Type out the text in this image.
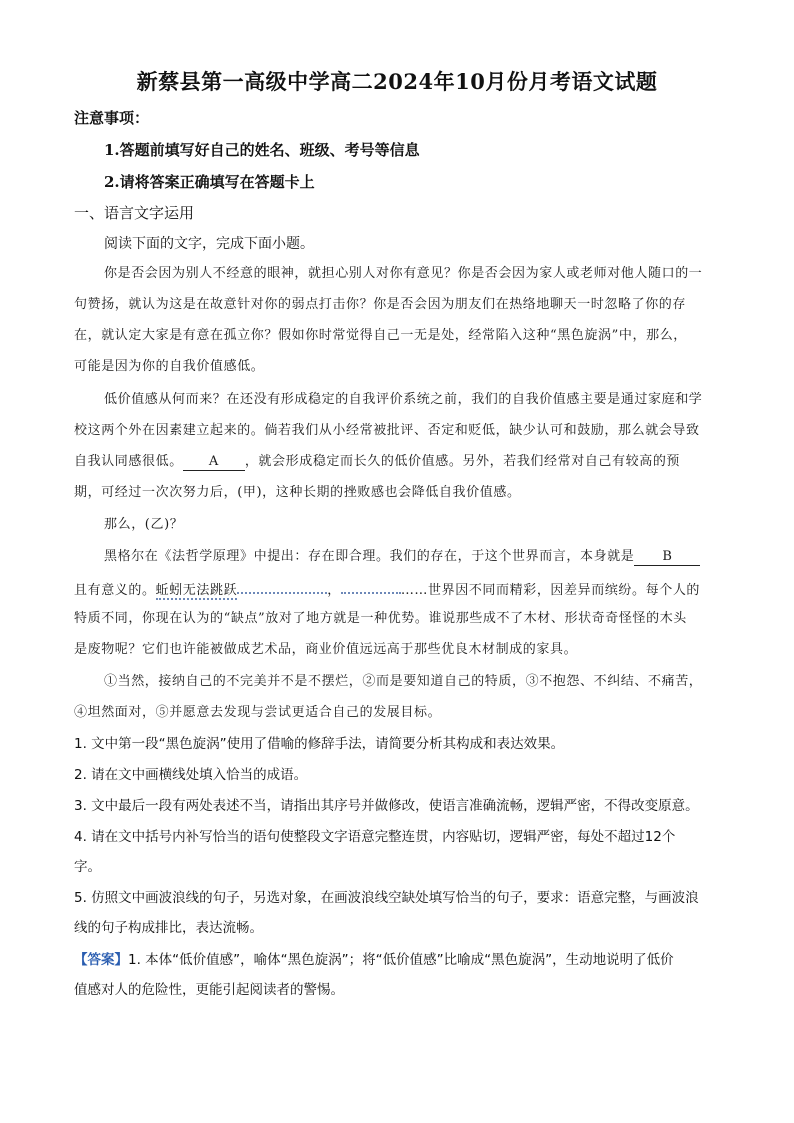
新蔡县第一高级中学高二2024年10月份月考语文试题
注意事项：
1.答题前填写好自己的姓名、班级、考号等信息
2.请将答案正确填写在答题卡上
一、语言文字运用
阅读下面的文字，完成下面小题。
你是否会因为别人不经意的眼神，就担心别人对你有意见？你是否会因为家人或老师对他人随口的一
句赞扬，就认为这是在故意针对你的弱点打击你？你是否会因为朋友们在热络地聊天一时忽略了你的存
在，就认定大家是有意在孤立你？假如你时常觉得自己一无是处，经常陷入这种“黑色旋涡”中，那么，
可能是因为你的自我价值感低。
低价值感从何而来？在还没有形成稳定的自我评价系统之前，我们的自我价值感主要是通过家庭和学
校这两个外在因素建立起来的。倘若我们从小经常被批评、否定和贬低，缺少认可和鼓励，那么就会导致
自我认同感很低。 A ，就会形成稳定而长久的低价值感。另外，若我们经常对自己有较高的预
期，可经过一次次努力后，(甲)，这种长期的挫败感也会降低自我价值感。
那么，(乙)？
黑格尔在《法哲学原理》中提出：存在即合理。我们的存在，于这个世界而言，本身就是 B
且有意义的。蚯蚓无法跳跃	，	……世界因不同而精彩，因差异而缤纷。每个人的
特质不同，你现在认为的“缺点”放对了地方就是一种优势。谁说那些成不了木材、形状奇奇怪怪的木头
是废物呢？它们也许能被做成艺术品，商业价值远远高于那些优良木材制成的家具。
①当然，接纳自己的不完美并不是不摆烂，②而是要知道自己的特质，③不抱怨、不纠结、不痛苦，
④坦然面对，⑤并愿意去发现与尝试更适合自己的发展目标。
1. 文中第一段“黑色旋涡”使用了借喻的修辞手法，请简要分析其构成和表达效果。
2. 请在文中画横线处填入恰当的成语。
3. 文中最后一段有两处表述不当，请指出其序号并做修改，使语言准确流畅，逻辑严密，不得改变原意。
4. 请在文中括号内补写恰当的语句使整段文字语意完整连贯，内容贴切，逻辑严密，每处不超过12个
字。
5. 仿照文中画波浪线的句子，另选对象，在画波浪线空缺处填写恰当的句子，要求：语意完整，与画波浪
线的句子构成排比，表达流畅。
【答案】1. 本体“低价值感”，喻体“黑色旋涡”；将“低价值感”比喻成“黑色旋涡”，生动地说明了低价
值感对人的危险性，更能引起阅读者的警惕。
